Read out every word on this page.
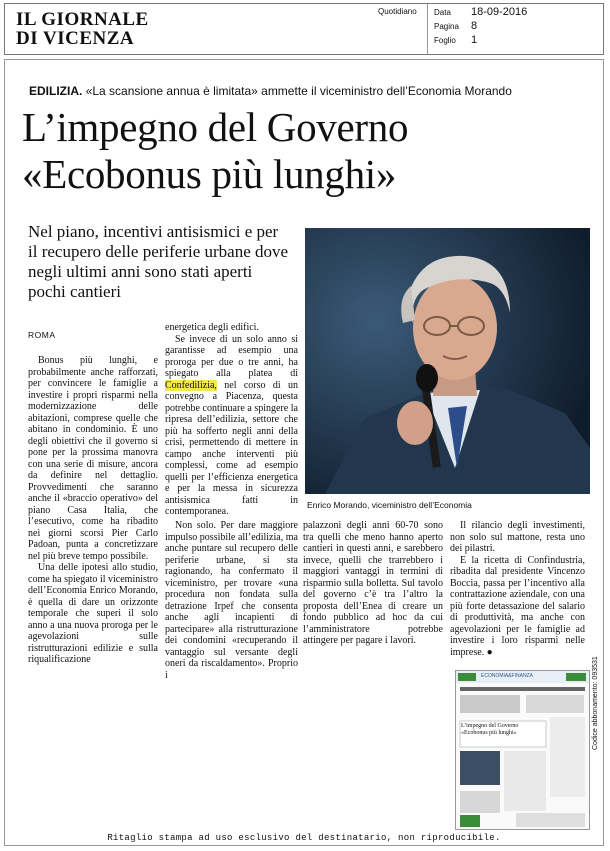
IL GIORNALE
DI VICENZA
Quotidiano Data 18-09-2016
Pagina 8
Foglio 1
EDILIZIA. «La scansione annua è limitata» ammette il viceministro dell’Economia Morando
L’impegno del Governo
«Ecobonus più lunghi»
Nel piano, incentivi antisismici e per il recupero delle periferie urbane dove negli ultimi anni sono stati aperti pochi cantieri
ROMA

Bonus più lunghi, e probabilmente anche rafforzati, per convincere le famiglie a investire i propri risparmi nella modernizzazione delle abitazioni, comprese quelle che abitano in condominio. È uno degli obiettivi che il governo si pone per la prossima manovra con una serie di misure, ancora da definire nel dettaglio. Provvedimenti che saranno anche il «braccio operativo» del piano Casa Italia, che l’esecutivo, come ha ribadito nei giorni scorsi Pier Carlo Padoan, punta a concretizzare nel più breve tempo possibile.

Una delle ipotesi allo studio, come ha spiegato il viceministro dell’Economia Enrico Morando, è quella di dare un orizzonte temporale che superi il solo anno a una nuova proroga per le agevolazioni sulle ristrutturazioni edilizie e sulla riqualificazione

energetica degli edifici.

Se invece di un solo anno si garantisse ad esempio una proroga per due o tre anni, ha spiegato alla platea di Confedilizia, nel corso di un convegno a Piacenza, questa potrebbe continuare a spingere la ripresa dell’edilizia, settore che più ha sofferto negli anni della crisi, permettendo di mettere in campo anche interventi più complessi, come ad esempio quelli per l’efficienza energetica e per la messa in sicurezza antisismica fatti in contemporanea.

Non solo. Per dare maggiore impulso possibile all’edilizia, ma anche puntare sul recupero delle periferie urbane, si sta ragionando, ha confermato il viceministro, per trovare «una procedura non fondata sulla detrazione Irpef che consenta anche agli incapienti di partecipare» alla ristrutturazione dei condomini «recuperando il vantaggio sul versante degli oneri da riscaldamento». Proprio i

palazzoni degli anni 60-70 sono tra quelli che meno hanno aperto cantieri in questi anni, e sarebbero invece, quelli che trarrebbero i maggiori vantaggi in termini di risparmio sulla bolletta. Sul tavolo del governo c’è tra l’altro la proposta dell’Enea di creare un fondo pubblico ad hoc da cui l’amministratore potrebbe attingere per pagare i lavori.

Il rilancio degli investimenti, non solo sul mattone, resta uno dei pilastri.

E la ricetta di Confindustria, ribadita dal presidente Vincenzo Boccia, passa per l’incentivo alla contrattazione aziendale, con una più forte detassazione del salario di produttività, ma anche con agevolazioni per le famiglie ad investire i loro risparmi nelle imprese. ●

Enrico Morando, viceministro dell’Economia
ECONOMIA&FINANZA
L’impegno del Governo «Ecobonus più lunghi»	Codice abbonamento: 093531
Ritaglio stampa ad uso esclusivo del destinatario, non riproducibile.
